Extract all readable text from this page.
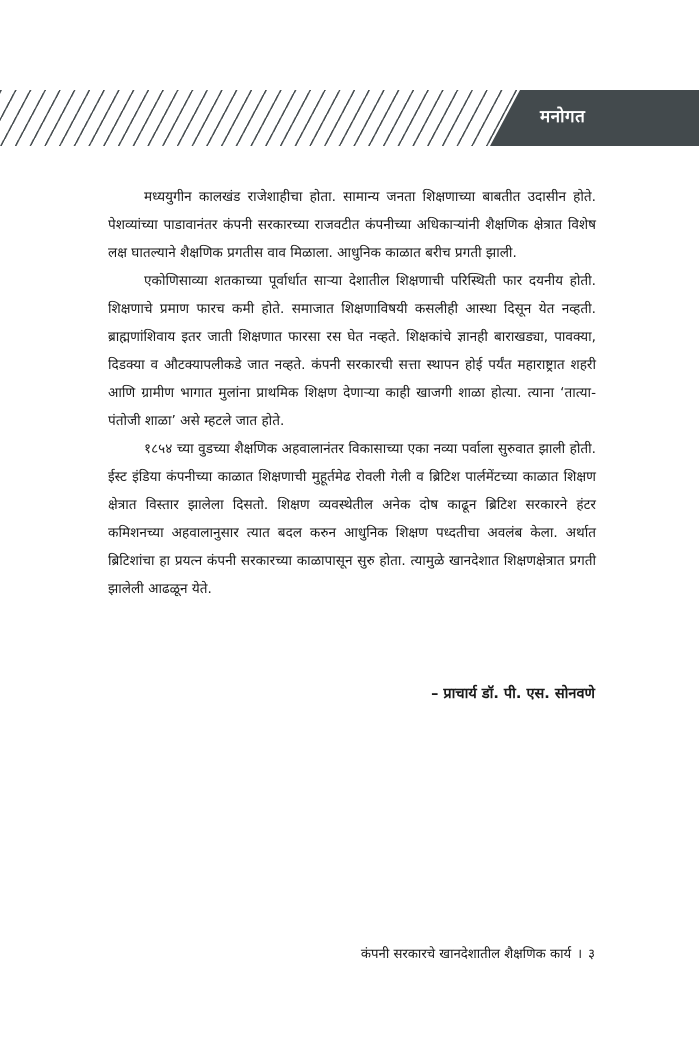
मनोगत

मध्ययुगीन कालखंड राजेशाहीचा होता. सामान्य जनता शिक्षणाच्या बाबतीत उदासीन होते. पेशव्यांच्या पाडावानंतर कंपनी सरकारच्या राजवटीत कंपनीच्या अधिकाऱ्यांनी शैक्षणिक क्षेत्रात विशेष लक्ष घातल्याने शैक्षणिक प्रगतीस वाव मिळाला. आधुनिक काळात बरीच प्रगती झाली.

एकोणिसाव्या शतकाच्या पूर्वार्धात साऱ्या देशातील शिक्षणाची परिस्थिती फार दयनीय होती. शिक्षणाचे प्रमाण फारच कमी होते. समाजात शिक्षणाविषयी कसलीही आस्था दिसून येत नव्हती. ब्राह्मणांशिवाय इतर जाती शिक्षणात फारसा रस घेत नव्हते. शिक्षकांचे ज्ञानही बाराखड्या, पावक्या, दिडक्या व औटक्यापलीकडे जात नव्हते. कंपनी सरकारची सत्ता स्थापन होई पर्यंत महाराष्ट्रात शहरी आणि ग्रामीण भागात मुलांना प्राथमिक शिक्षण देणाऱ्या काही खाजगी शाळा होत्या. त्याना ‘तात्या-पंतोजी शाळा’ असे म्हटले जात होते.

१८५४ च्या वुडच्या शैक्षणिक अहवालानंतर विकासाच्या एका नव्या पर्वाला सुरुवात झाली होती. ईस्ट इंडिया कंपनीच्या काळात शिक्षणाची मुहूर्तमेढ रोवली गेली व ब्रिटिश पार्लमेंटच्या काळात शिक्षण क्षेत्रात विस्तार झालेला दिसतो. शिक्षण व्यवस्थेतील अनेक दोष काढून ब्रिटिश सरकारने हंटर कमिशनच्या अहवालानुसार त्यात बदल करुन आधुनिक शिक्षण पध्दतीचा अवलंब केला. अर्थात ब्रिटिशांचा हा प्रयत्न कंपनी सरकारच्या काळापासून सुरु होता. त्यामुळे खानदेशात शिक्षणक्षेत्रात प्रगती झालेली आढळून येते.

– प्राचार्य डॉ. पी. एस. सोनवणे
कंपनी सरकारचे खानदेशातील शैक्षणिक कार्य । ३
